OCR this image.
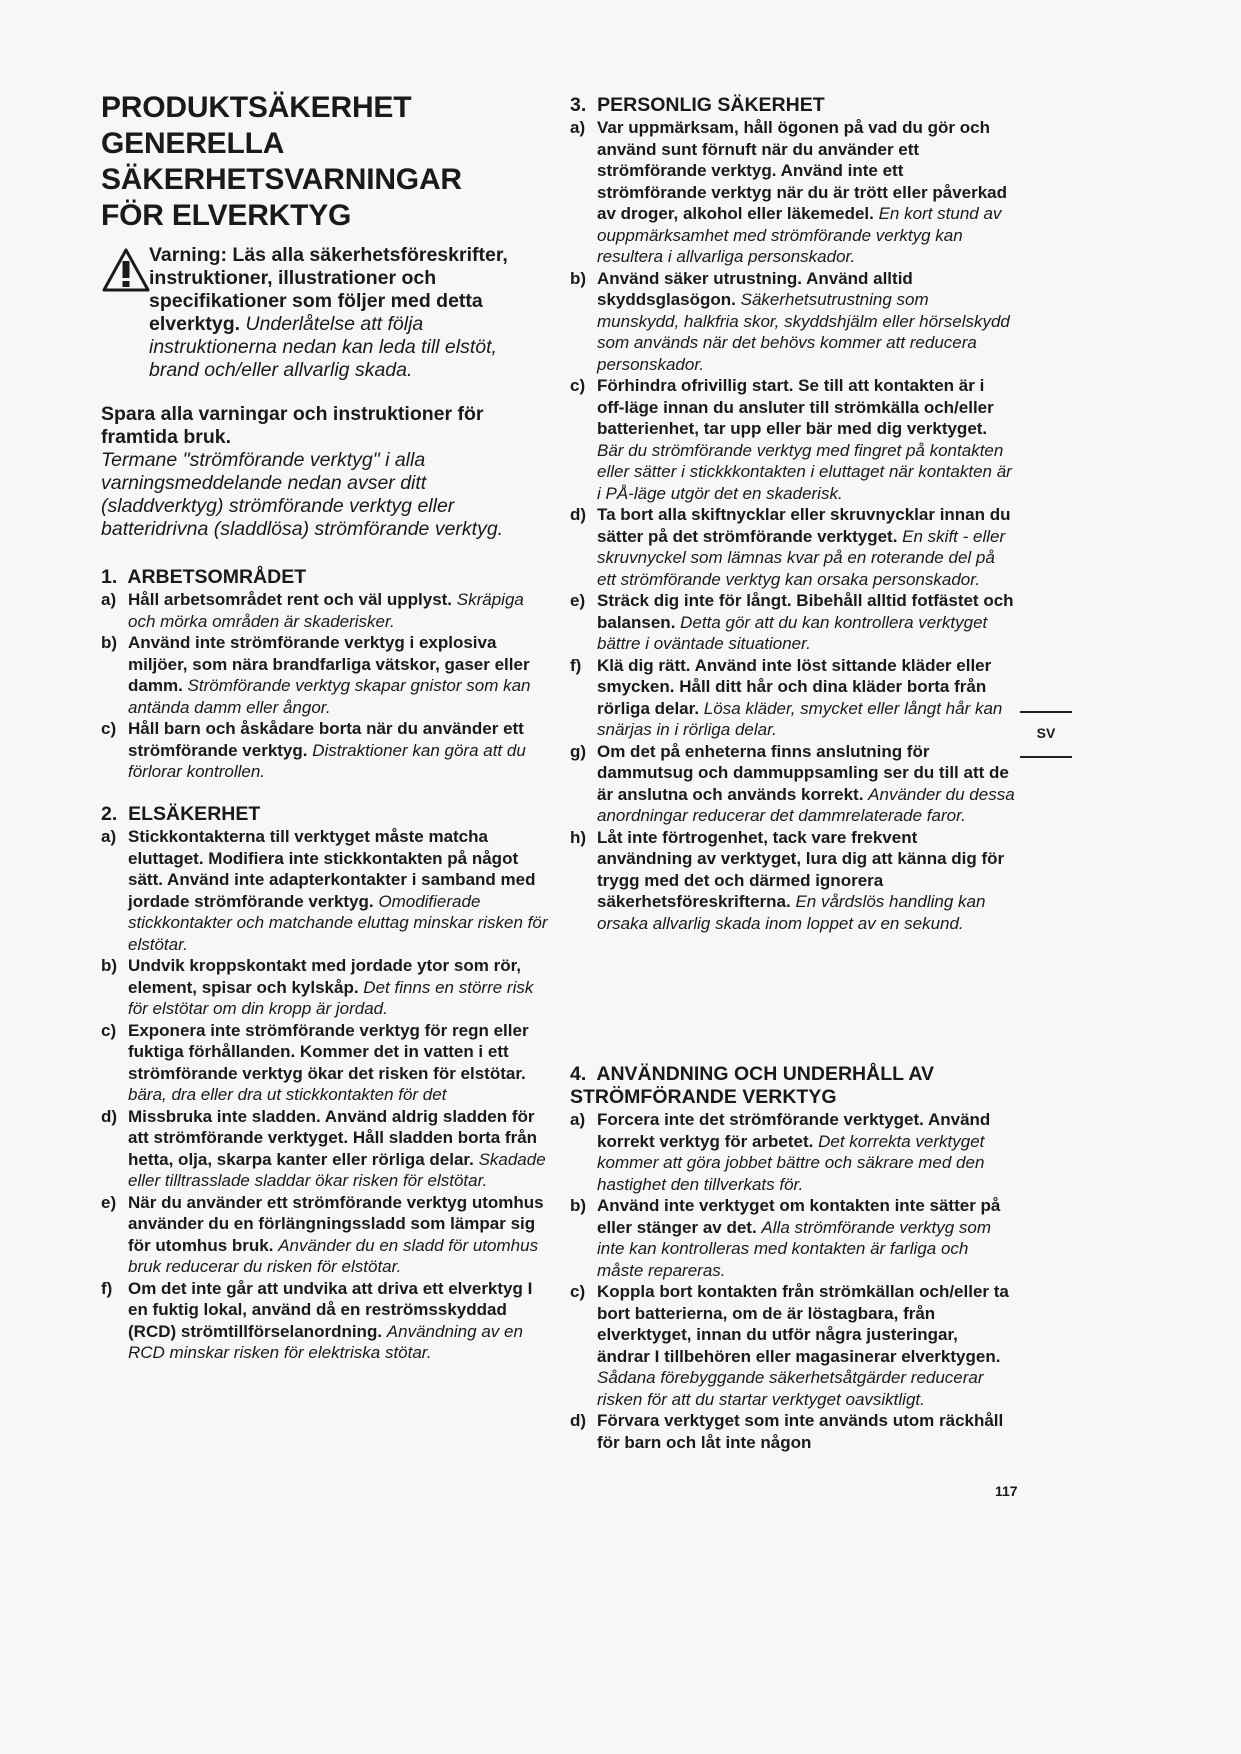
PRODUKTSÄKERHET
GENERELLA
SÄKERHETSVARNINGAR
FÖR ELVERKTYG
Varning: Läs alla säkerhetsföreskrifter, instruktioner, illustrationer och specifikationer som följer med detta elverktyg. Underlåtelse att följa instruktionerna nedan kan leda till elstöt, brand och/eller allvarlig skada.
Spara alla varningar och instruktioner för framtida bruk.
Termane "strömförande verktyg" i alla varningsmeddelande nedan avser ditt (sladdverktyg) strömförande verktyg eller batteridrivna (sladdlösa) strömförande verktyg.
1.  ARBETSOMRÅDET
a) Håll arbetsområdet rent och väl upplyst. Skräpiga och mörka områden är skaderisker.
b) Använd inte strömförande verktyg i explosiva miljöer, som nära brandfarliga vätskor, gaser eller damm. Strömförande verktyg skapar gnistor som kan antända damm eller ångor.
c) Håll barn och åskådare borta när du använder ett strömförande verktyg. Distraktioner kan göra att du förlorar kontrollen.
2.  ELSÄKERHET
a) Stickkontakterna till verktyget måste matcha eluttaget. Modifiera inte stickkontakten på något sätt. Använd inte adapterkontakter i samband med jordade strömförande verktyg. Omodifierade stickkontakter och matchande eluttag minskar risken för elstötar.
b) Undvik kroppskontakt med jordade ytor som rör, element, spisar och kylskåp. Det finns en större risk för elstötar om din kropp är jordad.
c) Exponera inte strömförande verktyg för regn eller fuktiga förhållanden. Kommer det in vatten i ett strömförande verktyg ökar det risken för elstötar. bära, dra eller dra ut stickkontakten för det
d) Missbruka inte sladden. Använd aldrig sladden för att strömförande verktyget. Håll sladden borta från hetta, olja, skarpa kanter eller rörliga delar. Skadade eller tilltrasslade sladdar ökar risken för elstötar.
e) När du använder ett strömförande verktyg utomhus använder du en förlängningssladd som lämpar sig för utomhus bruk. Använder du en sladd för utomhus bruk reducerar du risken för elstötar.
f) Om det inte går att undvika att driva ett elverktyg I en fuktig lokal, använd då en reströmsskyddad (RCD) strömtillförselanordning. Användning av en RCD minskar risken för elektriska stötar.
3.  PERSONLIG SÄKERHET
a) Var uppmärksam, håll ögonen på vad du gör och använd sunt förnuft när du använder ett strömförande verktyg. Använd inte ett strömförande verktyg när du är trött eller påverkad av droger, alkohol eller läkemedel. En kort stund av ouppmärksamhet med strömförande verktyg kan resultera i allvarliga personskador.
b) Använd säker utrustning. Använd alltid skyddsglasögon. Säkerhetsutrustning som munskydd, halkfria skor, skyddshjälm eller hörselskydd som används när det behövs kommer att reducera personskador.
c) Förhindra ofrivillig start. Se till att kontakten är i off-läge innan du ansluter till strömkälla och/eller batterienhet, tar upp eller bär med dig verktyget. Bär du strömförande verktyg med fingret på kontakten eller sätter i stickkkontakten i eluttaget när kontakten är i PÅ-läge utgör det en skaderisk.
d) Ta bort alla skiftnycklar eller skruvnycklar innan du sätter på det strömförande verktyget. En skift - eller skruvnyckel som lämnas kvar på en roterande del på ett strömförande verktyg kan orsaka personskador.
e) Sträck dig inte för långt. Bibehåll alltid fotfästet och balansen. Detta gör att du kan kontrollera verktyget bättre i oväntade situationer.
f) Klä dig rätt. Använd inte löst sittande kläder eller smycken. Håll ditt hår och dina kläder borta från rörliga delar. Lösa kläder, smycket eller långt hår kan snärjas in i rörliga delar.
g) Om det på enheterna finns anslutning för dammutsug och dammuppsamling ser du till att de är anslutna och används korrekt. Använder du dessa anordningar reducerar det dammrelaterade faror.
h) Låt inte förtrogenhet, tack vare frekvent användning av verktyget, lura dig att känna dig för trygg med det och därmed ignorera säkerhetsföreskrifterna. En vårdslös handling kan orsaka allvarlig skada inom loppet av en sekund.
4.  ANVÄNDNING OCH UNDERHÅLL AV STRÖMFÖRANDE VERKTYG
a) Forcera inte det strömförande verktyget. Använd korrekt verktyg för arbetet. Det korrekta verktyget kommer att göra jobbet bättre och säkrare med den hastighet den tillverkats för.
b) Använd inte verktyget om kontakten inte sätter på eller stänger av det. Alla strömförande verktyg som inte kan kontrolleras med kontakten är farliga och måste repareras.
c) Koppla bort kontakten från strömkällan och/eller ta bort batterierna, om de är löstagbara, från elverktyget, innan du utför några justeringar, ändrar I tillbehören eller magasinerar elverktygen. Sådana förebyggande säkerhetsåtgärder reducerar risken för att du startar verktyget oavsiktligt.
d) Förvara verktyget som inte används utom räckhåll för barn och låt inte någon
SV
117
